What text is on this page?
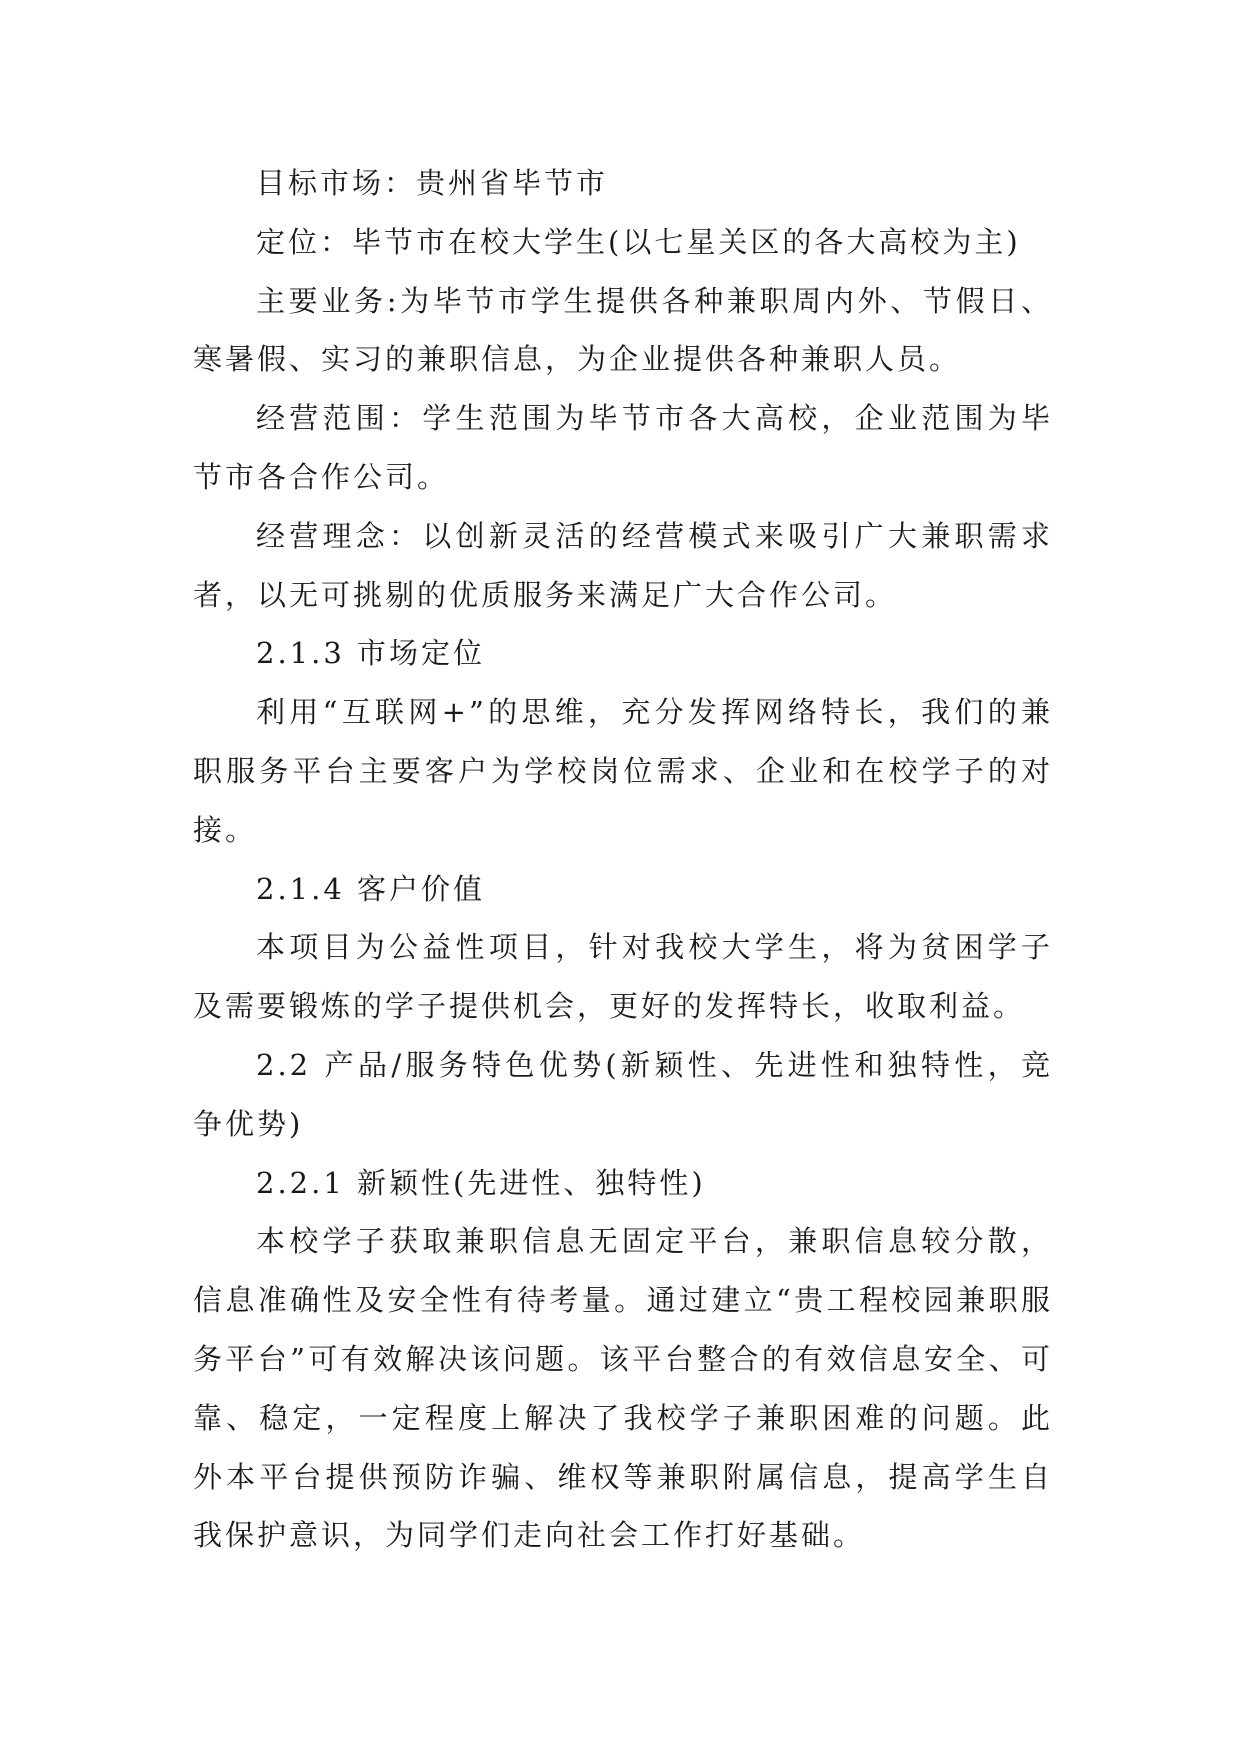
目标市场：贵州省毕节市

定位：毕节市在校大学生(以七星关区的各大高校为主)

主要业务:为毕节市学生提供各种兼职周内外、节假日、寒暑假、实习的兼职信息，为企业提供各种兼职人员。

经营范围：学生范围为毕节市各大高校，企业范围为毕节市各合作公司。

经营理念：以创新灵活的经营模式来吸引广大兼职需求者，以无可挑剔的优质服务来满足广大合作公司。

2.1.3 市场定位

利用“互联网+”的思维，充分发挥网络特长，我们的兼职服务平台主要客户为学校岗位需求、企业和在校学子的对接。

2.1.4 客户价值

本项目为公益性项目，针对我校大学生，将为贫困学子及需要锻炼的学子提供机会，更好的发挥特长，收取利益。

2.2 产品/服务特色优势(新颖性、先进性和独特性，竞争优势)

2.2.1 新颖性(先进性、独特性)

本校学子获取兼职信息无固定平台，兼职信息较分散，信息准确性及安全性有待考量。通过建立“贵工程校园兼职服务平台”可有效解决该问题。该平台整合的有效信息安全、可靠、稳定，一定程度上解决了我校学子兼职困难的问题。此外本平台提供预防诈骗、维权等兼职附属信息，提高学生自我保护意识，为同学们走向社会工作打好基础。
